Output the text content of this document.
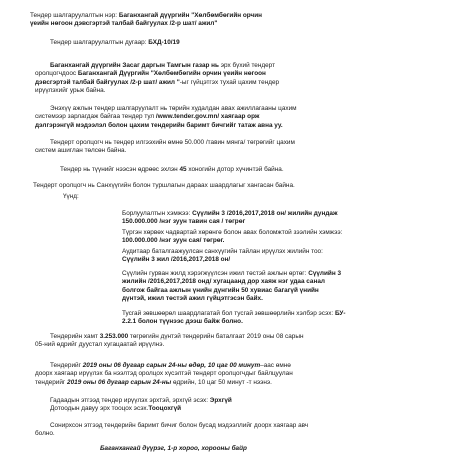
Тендер шалгаруулалтын нэр: Баганхангай дүүргийн "Хөлбөмбөгийн орчин
үеийн нөгоон дэвсгэртэй талбай байгуулах /2-р шат/ ажил"
Тендер шалгаруулалтын дугаар: БХД-10/19
Баганхангай дүүргийн Засаг даргын Тамгын газар нь эрх бүхий тендерт
оролцогчдоос Баганхангай Дүүргийн "Хөлбөмбөгийн орчин үеийн нөгоон
дэвсгэртэй талбай байгуулах /2-р шат/ ажил "-ыг гүйцэтгэх тухай цахим тендер
ирүүлэхийг урьж байна.
Энэхүү ажлын тендер шалгаруулалт нь төрийн худалдан авах ажиллагааны цахим
системээр зарлагдаж байгаа тендер тул /www.tender.gov.mn/ хаягаар орж
дэлгэрэнгүй мэдээлэл болон цахим тендерийн баримт бичгийг татаж авна уу.
Тендерт оролцогч нь тендер илгээхийн өмнө 50.000 /тавин мянга/ төгрөгийг цахим
систем ашиглан төлсөн байна.
Тендер нь түүнийг нээсэн өдрөөс эхлэн 45 хоногийн дотор хүчинтэй байна.
Тендерт оролцогч нь Санхүүгийн болон туршлагын дараах шаардлагыг хангасан байна.
Үүнд:
Борлуулалтын хэмжээ: Сүүлийн 3 /2016,2017,2018 он/ жилийн дундаж
150.000.000 /нэг зуун тавин сая / төгрөг
Түргэн хөрвөх чадвартай хөрөнгө болон авах боломжтой зээлийн хэмжээ:
100.000.000 /нэг зуун сая/ төгрөг.
Аудитаар баталгаажуулсан санхүүгийн тайлан ирүүлэх жилийн тоо:
Сүүлийн 3 жил /2016,2017,2018 он/
Сүүлийн гурван жилд хэрэгжүүлсэн ижил төстэй ажлын өртөг: Сүүлийн 3
жилийн /2016,2017,2018 онд/ хугацаанд дор хаяж нэг удаа санал
болгож байгаа ажлын үнийн дүнгийн 50 хувиас багагүй үнийн
дүнтэй, ижил төстэй ажил гүйцэтгэсэн байх.
Тусгай зөвшөөрөл шаардлагатай бол тусгай зөвшөөрлийн хэлбэр эсэх: БУ-
2.2.1 болон түүнээс дээш байж болно.
Тендерийн хамт 3.253.000 төгрөгийн дүнтэй тендерийн баталгаат 2019 оны 08 сарын
05-ний өдрийг дуустал хугацаатай ирүүлнэ.
Тендерийг 2019 оны 06 дугаар сарын 24-ны өдөр, 10 цаг 00 минут–аас өмнө
доорх хаягаар ирүүлэх ба нээлтэд оролцох хүсэлтэй тендерт оролцогчдыг байлцуулан
тендерийг 2019 оны 06 дугаар сарын 24-ны өдрийн, 10 цаг 50 минут -т нээнэ.
Гадаадын этгээд тендер ирүүлэх эрхтэй, эрхгүй эсэх: Эрхгүй
Дотоодын давуу эрх тооцох эсэх.Тооцохгүй
Сонирхсон этгээд тендерийн баримт бичиг болон бусад мэдээллийг доорх хаягаар авч
болно.
Баганхангай дүүрэг, 1-р хороо, хорооны байр
